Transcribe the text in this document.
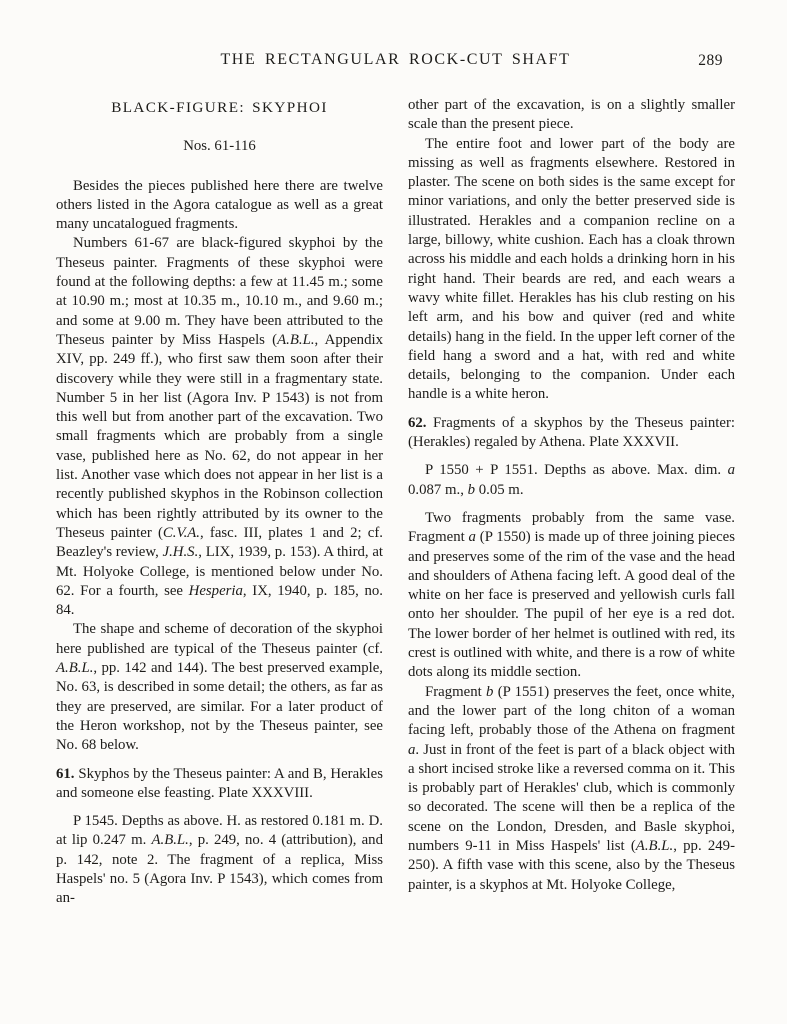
THE RECTANGULAR ROCK-CUT SHAFT	289
BLACK-FIGURE: SKYPHOI
Nos. 61-116

Besides the pieces published here there are twelve others listed in the Agora catalogue as well as a great many uncatalogued fragments.

Numbers 61-67 are black-figured skyphoi by the Theseus painter. Fragments of these skyphoi were found at the following depths: a few at 11.45 m.; some at 10.90 m.; most at 10.35 m., 10.10 m., and 9.60 m.; and some at 9.00 m. They have been attributed to the Theseus painter by Miss Haspels (A.B.L., Appendix XIV, pp. 249 ff.), who first saw them soon after their discovery while they were still in a fragmentary state. Number 5 in her list (Agora Inv. P 1543) is not from this well but from another part of the excavation. Two small fragments which are probably from a single vase, published here as No. 62, do not appear in her list. Another vase which does not appear in her list is a recently published skyphos in the Robinson collection which has been rightly attributed by its owner to the Theseus painter (C.V.A., fasc. III, plates 1 and 2; cf. Beazley's review, J.H.S., LIX, 1939, p. 153). A third, at Mt. Holyoke College, is mentioned below under No. 62. For a fourth, see Hesperia, IX, 1940, p. 185, no. 84.

The shape and scheme of decoration of the skyphoi here published are typical of the Theseus painter (cf. A.B.L., pp. 142 and 144). The best preserved example, No. 63, is described in some detail; the others, as far as they are preserved, are similar. For a later product of the Heron workshop, not by the Theseus painter, see No. 68 below.

61. Skyphos by the Theseus painter: A and B, Herakles and someone else feasting. Plate XXXVIII.

P 1545. Depths as above. H. as restored 0.181 m. D. at lip 0.247 m. A.B.L., p. 249, no. 4 (attribution), and p. 142, note 2. The fragment of a replica, Miss Haspels' no. 5 (Agora Inv. P 1543), which comes from an-

other part of the excavation, is on a slightly smaller scale than the present piece.

The entire foot and lower part of the body are missing as well as fragments elsewhere. Restored in plaster. The scene on both sides is the same except for minor variations, and only the better preserved side is illustrated. Herakles and a companion recline on a large, billowy, white cushion. Each has a cloak thrown across his middle and each holds a drinking horn in his right hand. Their beards are red, and each wears a wavy white fillet. Herakles has his club resting on his left arm, and his bow and quiver (red and white details) hang in the field. In the upper left corner of the field hang a sword and a hat, with red and white details, belonging to the companion. Under each handle is a white heron.

62. Fragments of a skyphos by the Theseus painter: (Herakles) regaled by Athena. Plate XXXVII.

P 1550 + P 1551. Depths as above. Max. dim. a 0.087 m., b 0.05 m.

Two fragments probably from the same vase. Fragment a (P 1550) is made up of three joining pieces and preserves some of the rim of the vase and the head and shoulders of Athena facing left. A good deal of the white on her face is preserved and yellowish curls fall onto her shoulder. The pupil of her eye is a red dot. The lower border of her helmet is outlined with red, its crest is outlined with white, and there is a row of white dots along its middle section.

Fragment b (P 1551) preserves the feet, once white, and the lower part of the long chiton of a woman facing left, probably those of the Athena on fragment a. Just in front of the feet is part of a black object with a short incised stroke like a reversed comma on it. This is probably part of Herakles' club, which is commonly so decorated. The scene will then be a replica of the scene on the London, Dresden, and Basle skyphoi, numbers 9-11 in Miss Haspels' list (A.B.L., pp. 249-250). A fifth vase with this scene, also by the Theseus painter, is a skyphos at Mt. Holyoke College,
